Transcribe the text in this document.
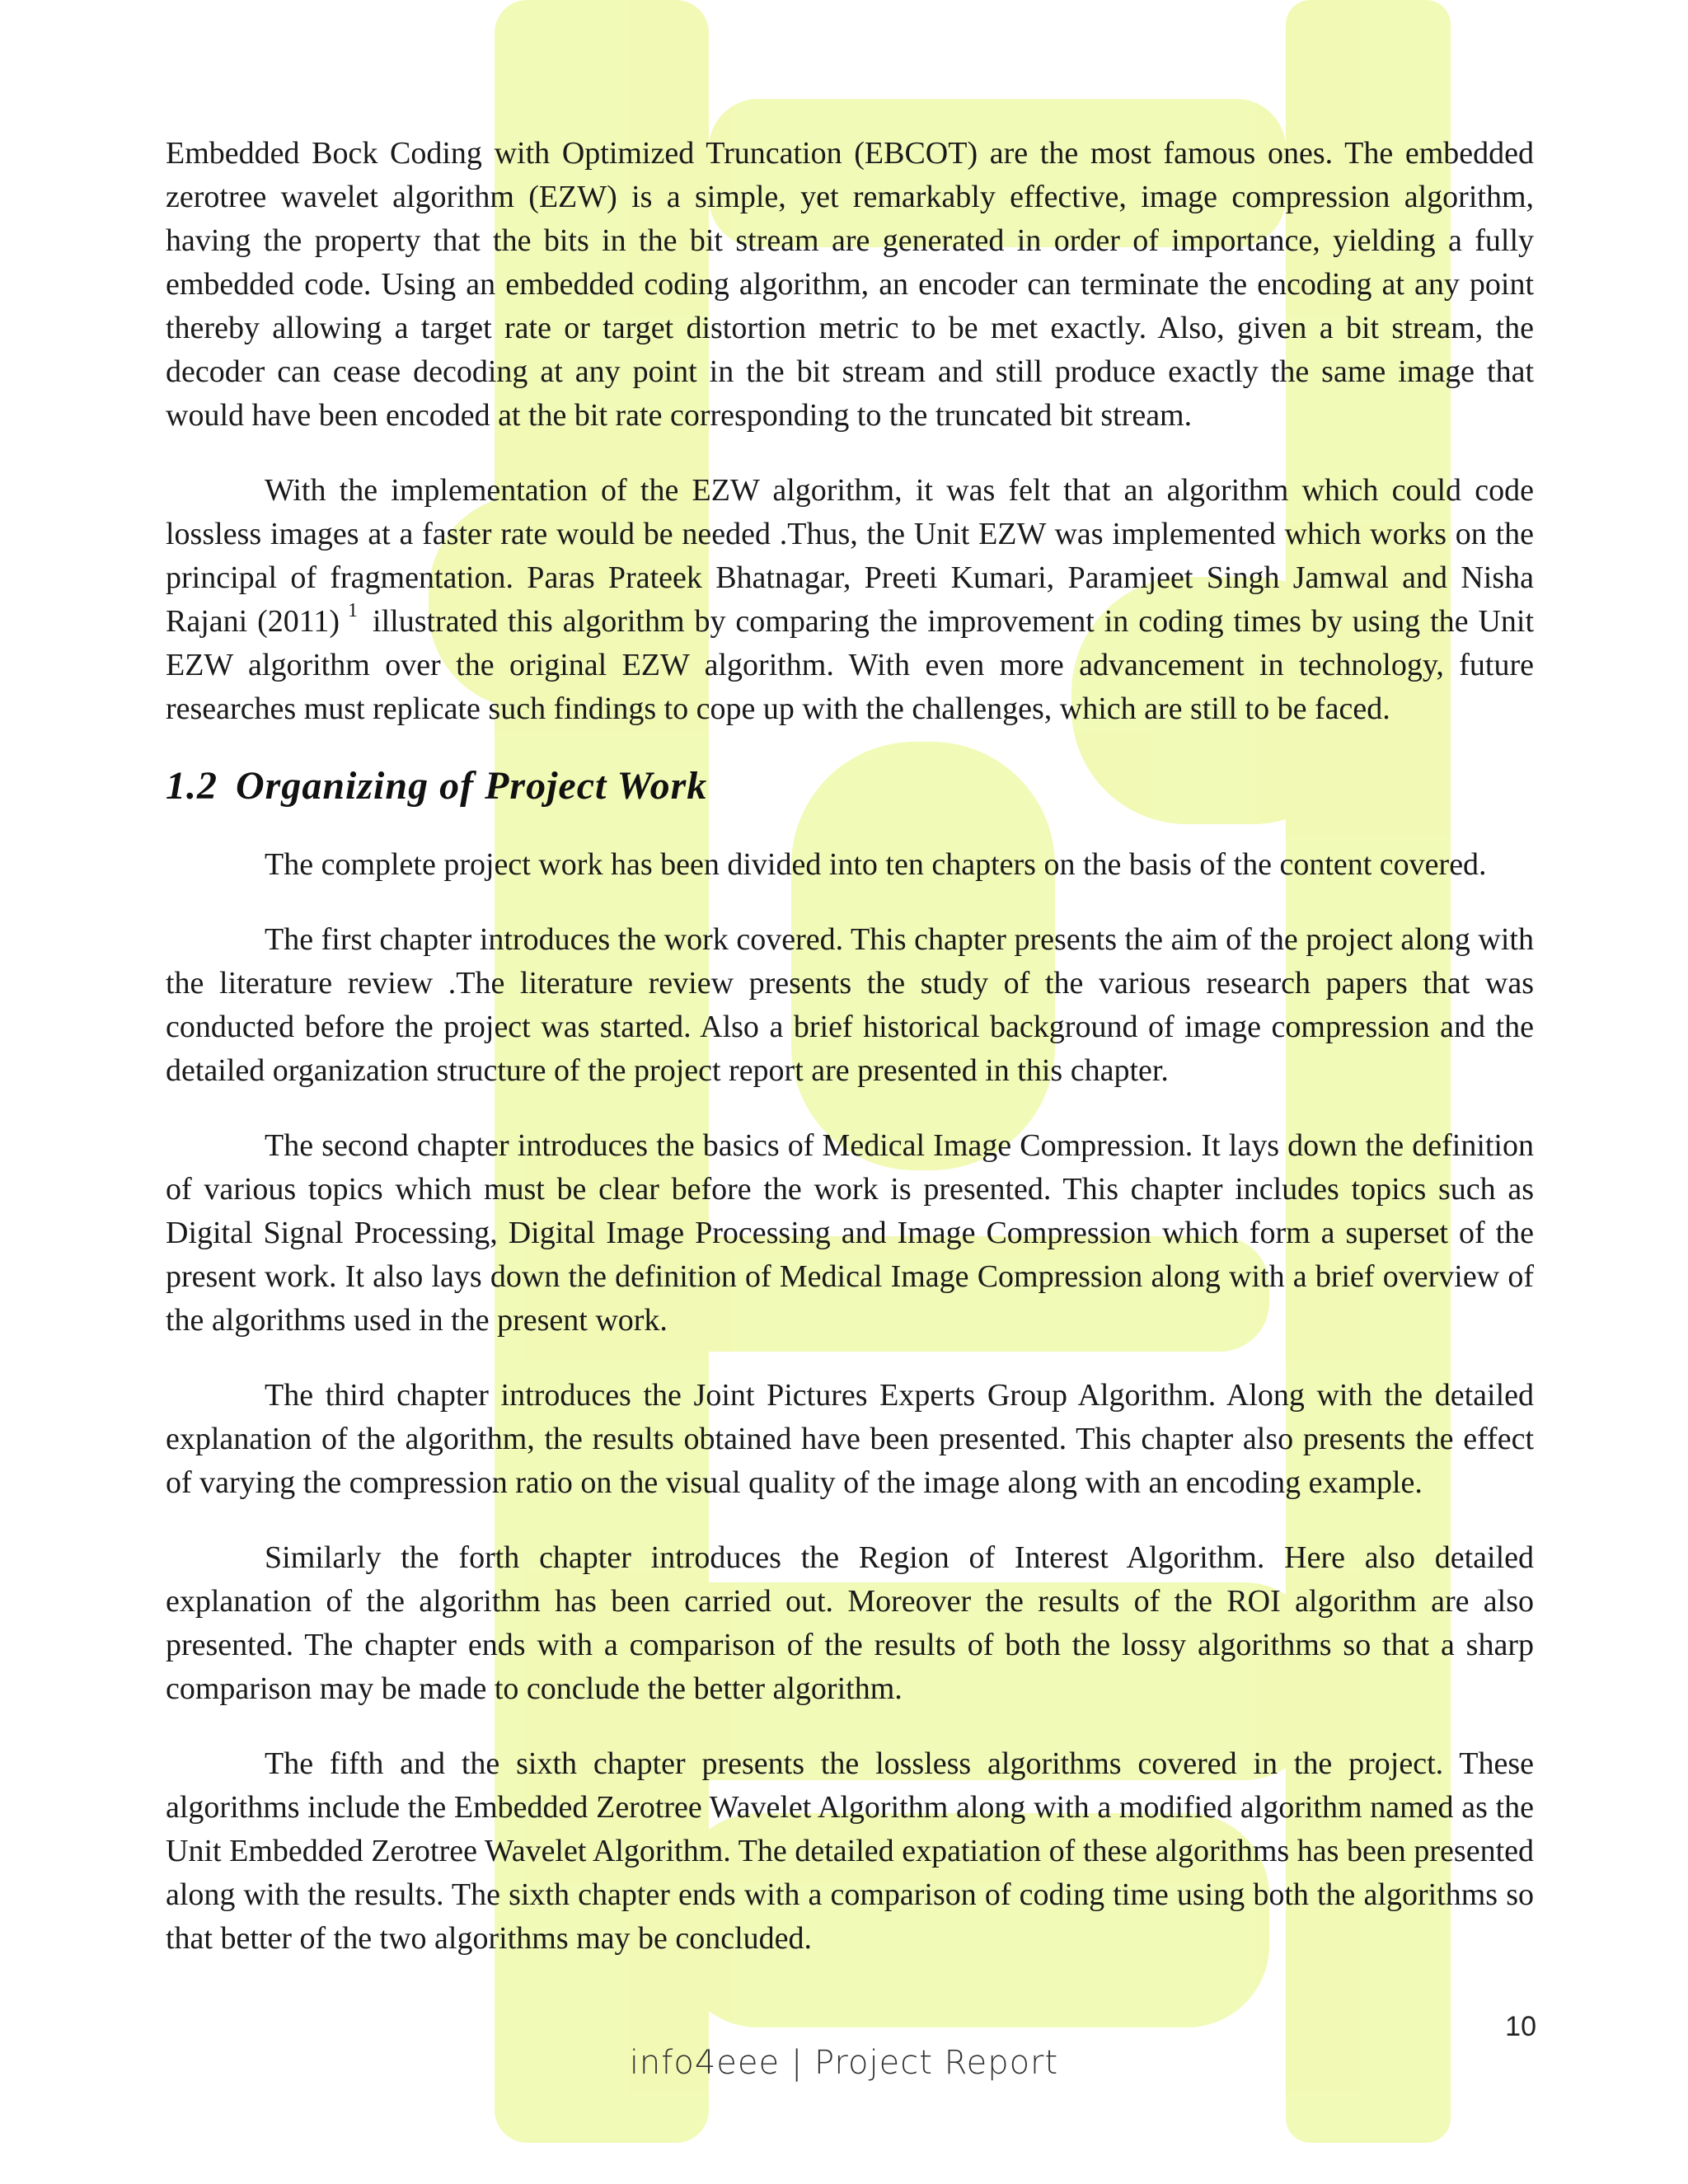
Embedded Bock Coding with Optimized Truncation (EBCOT) are the most famous ones. The embedded zerotree wavelet algorithm (EZW) is a simple, yet remarkably effective, image compression algorithm, having the property that the bits in the bit stream are generated in order of importance, yielding a fully embedded code. Using an embedded coding algorithm, an encoder can terminate the encoding at any point thereby allowing a target rate or target distortion metric to be met exactly. Also, given a bit stream, the decoder can cease decoding at any point in the bit stream and still produce exactly the same image that would have been encoded at the bit rate corresponding to the truncated bit stream.

With the implementation of the EZW algorithm, it was felt that an algorithm which could code lossless images at a faster rate would be needed .Thus, the Unit EZW was implemented which works on the principal of fragmentation. Paras Prateek Bhatnagar, Preeti Kumari, Paramjeet Singh Jamwal and Nisha Rajani (2011) $^1$ illustrated this algorithm by comparing the improvement in coding times by using the Unit EZW algorithm over the original EZW algorithm. With even more advancement in technology, future researches must replicate such findings to cope up with the challenges, which are still to be faced.

1.2 Organizing of Project Work

The complete project work has been divided into ten chapters on the basis of the content covered.

The first chapter introduces the work covered. This chapter presents the aim of the project along with the literature review .The literature review presents the study of the various research papers that was conducted before the project was started. Also a brief historical background of image compression and the detailed organization structure of the project report are presented in this chapter.

The second chapter introduces the basics of Medical Image Compression. It lays down the definition of various topics which must be clear before the work is presented. This chapter includes topics such as Digital Signal Processing, Digital Image Processing and Image Compression which form a superset of the present work. It also lays down the definition of Medical Image Compression along with a brief overview of the algorithms used in the present work.

The third chapter introduces the Joint Pictures Experts Group Algorithm. Along with the detailed explanation of the algorithm, the results obtained have been presented. This chapter also presents the effect of varying the compression ratio on the visual quality of the image along with an encoding example.

Similarly the forth chapter introduces the Region of Interest Algorithm. Here also detailed explanation of the algorithm has been carried out. Moreover the results of the ROI algorithm are also presented. The chapter ends with a comparison of the results of both the lossy algorithms so that a sharp comparison may be made to conclude the better algorithm.

The fifth and the sixth chapter presents the lossless algorithms covered in the project. These algorithms include the Embedded Zerotree Wavelet Algorithm along with a modified algorithm named as the Unit Embedded Zerotree Wavelet Algorithm. The detailed expatiation of these algorithms has been presented along with the results. The sixth chapter ends with a comparison of coding time using both the algorithms so that better of the two algorithms may be concluded.

10
info4eee | Project Report
